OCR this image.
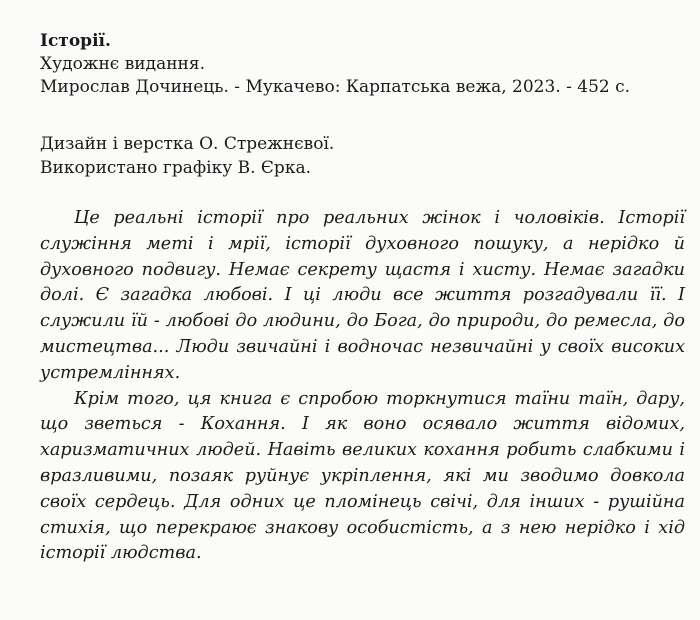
Історії.
Художнє видання.
Мирослав Дочинець. - Мукачево: Карпатська вежа, 2023. - 452 с.
Дизайн і верстка О. Стрежнєвої.
Використано графіку В. Єрка.

Це реальні історії про реальних жінок і чоловіків. Історії служіння меті і мрії, історії духовного пошуку, а нерідко й духовного подвигу. Немає секрету щастя і хисту. Немає загадки долі. Є загадка любові. І ці люди все життя розгадували її. І служили їй - любові до людини, до Бога, до природи, до ремесла, до мистецтва... Люди звичайні і водночас незвичайні у своїх високих устремліннях.

Крім того, ця книга є спробою торкнутися таїни таїн, дару, що зветься - Кохання. І як воно осявало життя відомих, харизматичних людей. Навіть великих кохання робить слабкими і вразливими, позаяк руйнує укріплення, які ми зводимо довкола своїх сердець. Для одних це пломінець свічі, для інших - рушійна стихія, що перекраює знакову особистість, а з нею нерідко і хід історії людства.
